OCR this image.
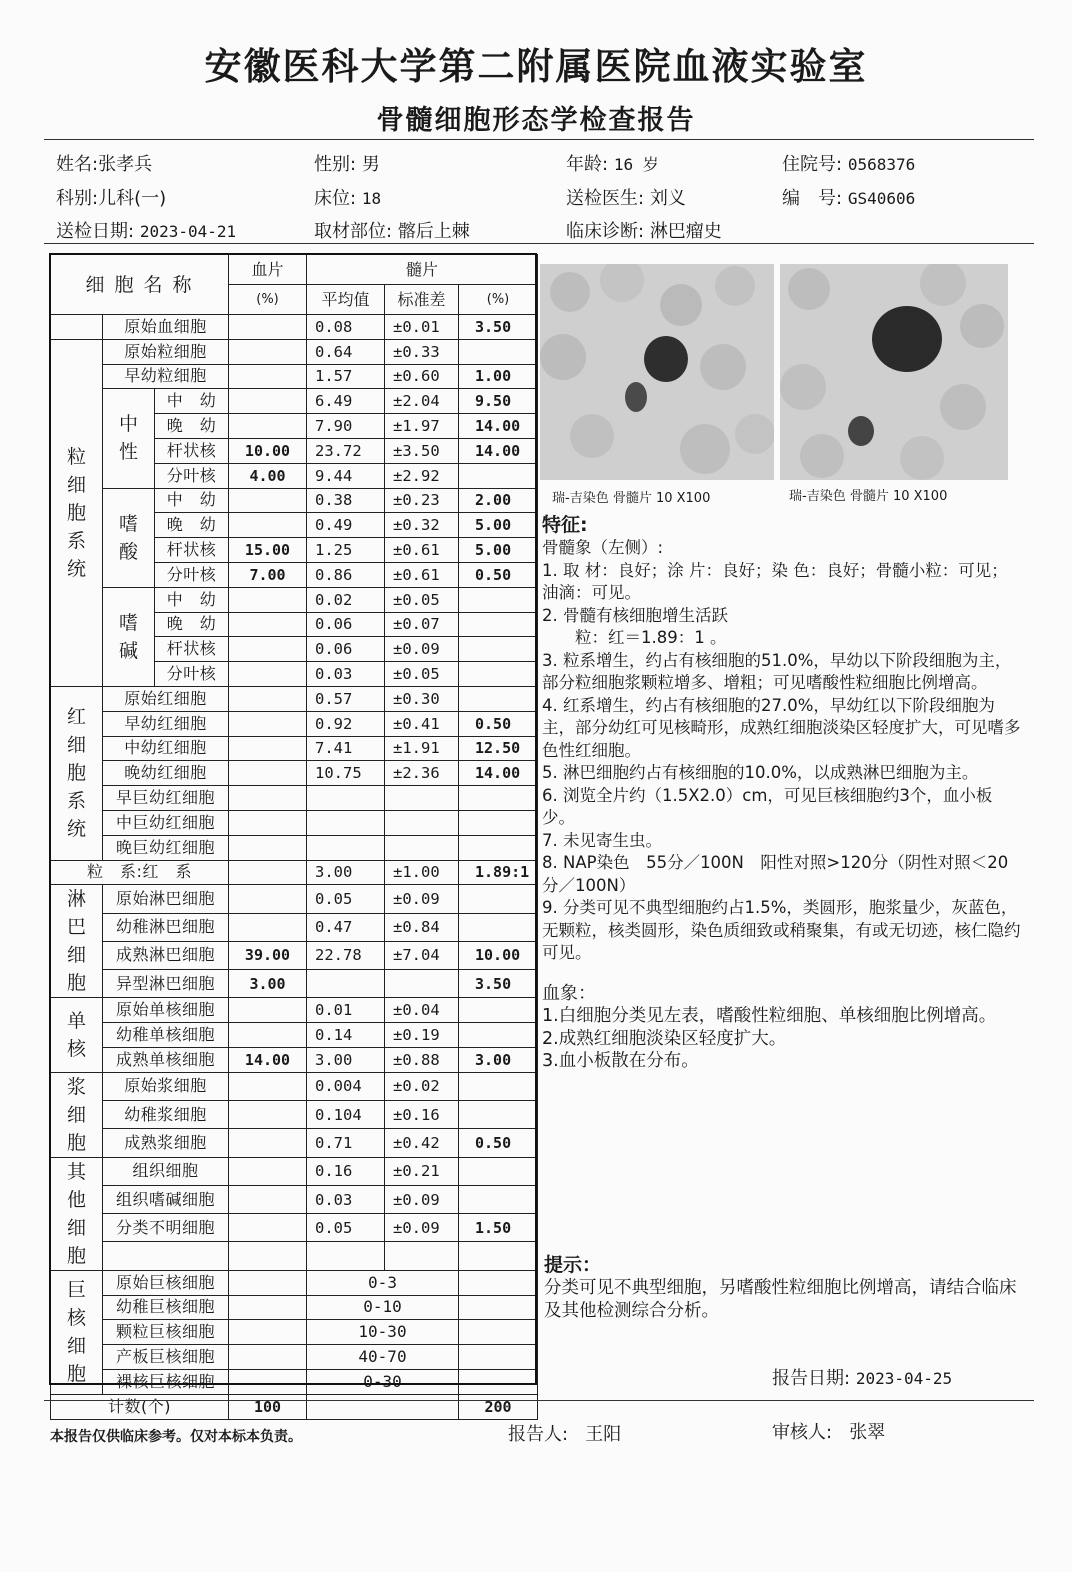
安徽医科大学第二附属医院血液实验室
骨髓细胞形态学检查报告
姓名:张孝兵	性别: 男	年龄: 16 岁	住院号: 0568376
科别:儿科(一)	床位: 18	送检医生: 刘义	编　号: GS40606
送检日期: 2023-04-21	取材部位: 髂后上棘	临床诊断: 淋巴瘤史
细 胞 名 称			血片	髓片		
			(%)	平均值	标准差	(%)
	原始血细胞			0.08	±0.01	3.50
粒细胞系统	原始粒细胞			0.64	±0.33	
	早幼粒细胞			1.57	±0.60	1.00
	中性	中　幼		6.49	±2.04	9.50
		晚　幼		7.90	±1.97	14.00
		杆状核	10.00	23.72	±3.50	14.00
		分叶核	4.00	9.44	±2.92	
	嗜酸	中　幼		0.38	±0.23	2.00
		晚　幼		0.49	±0.32	5.00
		杆状核	15.00	1.25	±0.61	5.00
		分叶核	7.00	0.86	±0.61	0.50
	嗜碱	中　幼		0.02	±0.05	
		晚　幼		0.06	±0.07	
		杆状核		0.06	±0.09	
		分叶核		0.03	±0.05	
红细胞系统	原始红细胞			0.57	±0.30	
	早幼红细胞			0.92	±0.41	0.50
	中幼红细胞			7.41	±1.91	12.50
	晚幼红细胞			10.75	±2.36	14.00
	早巨幼红细胞					
	中巨幼红细胞					
	晚巨幼红细胞					
粒　系:红　系				3.00	±1.00	1.89:1
淋巴细胞	原始淋巴细胞			0.05	±0.09	
	幼稚淋巴细胞			0.47	±0.84	
	成熟淋巴细胞		39.00	22.78	±7.04	10.00
	异型淋巴细胞		3.00			3.50
单核	原始单核细胞			0.01	±0.04	
	幼稚单核细胞			0.14	±0.19	
	成熟单核细胞		14.00	3.00	±0.88	3.00
浆细胞	原始浆细胞			0.004	±0.02	
	幼稚浆细胞			0.104	±0.16	
	成熟浆细胞			0.71	±0.42	0.50
其他细胞	组织细胞			0.16	±0.21	
	组织嗜碱细胞			0.03	±0.09	
	分类不明细胞			0.05	±0.09	1.50

巨核细胞	原始巨核细胞			0-3		
	幼稚巨核细胞			0-10		
	颗粒巨核细胞			10-30		
	产板巨核细胞			40-70		
	裸核巨核细胞			0-30		
计数(个)			100			200
瑞-吉染色 骨髓片 10 X100	瑞-吉染色 骨髓片 10 X100
特征:
骨髓象（左侧）:
1. 取 材：良好；涂 片：良好；染 色：良好；骨髓小粒：可见；油滴：可见。
2. 骨髓有核细胞增生活跃
　　粒：红＝1.89：1 。
3. 粒系增生，约占有核细胞的51.0%，早幼以下阶段细胞为主，部分粒细胞浆颗粒增多、增粗；可见嗜酸性粒细胞比例增高。
4. 红系增生，约占有核细胞的27.0%，早幼红以下阶段细胞为主，部分幼红可见核畸形，成熟红细胞淡染区轻度扩大，可见嗜多色性红细胞。
5. 淋巴细胞约占有核细胞的10.0%，以成熟淋巴细胞为主。
6. 浏览全片约（1.5X2.0）cm，可见巨核细胞约3个，血小板少。
7. 未见寄生虫。
8. NAP染色　55分／100N　阳性对照>120分（阴性对照＜20分／100N）
9. 分类可见不典型细胞约占1.5%，类圆形，胞浆量少，灰蓝色，无颗粒，核类圆形，染色质细致或稍聚集，有或无切迹，核仁隐约可见。
血象：
1.白细胞分类见左表，嗜酸性粒细胞、单核细胞比例增高。
2.成熟红细胞淡染区轻度扩大。
3.血小板散在分布。
提示：
分类可见不典型细胞，另嗜酸性粒细胞比例增高，请结合临床及其他检测综合分析。
报告日期: 2023-04-25
本报告仅供临床参考。仅对本标本负责。	报告人: 王阳	审核人: 张翠
